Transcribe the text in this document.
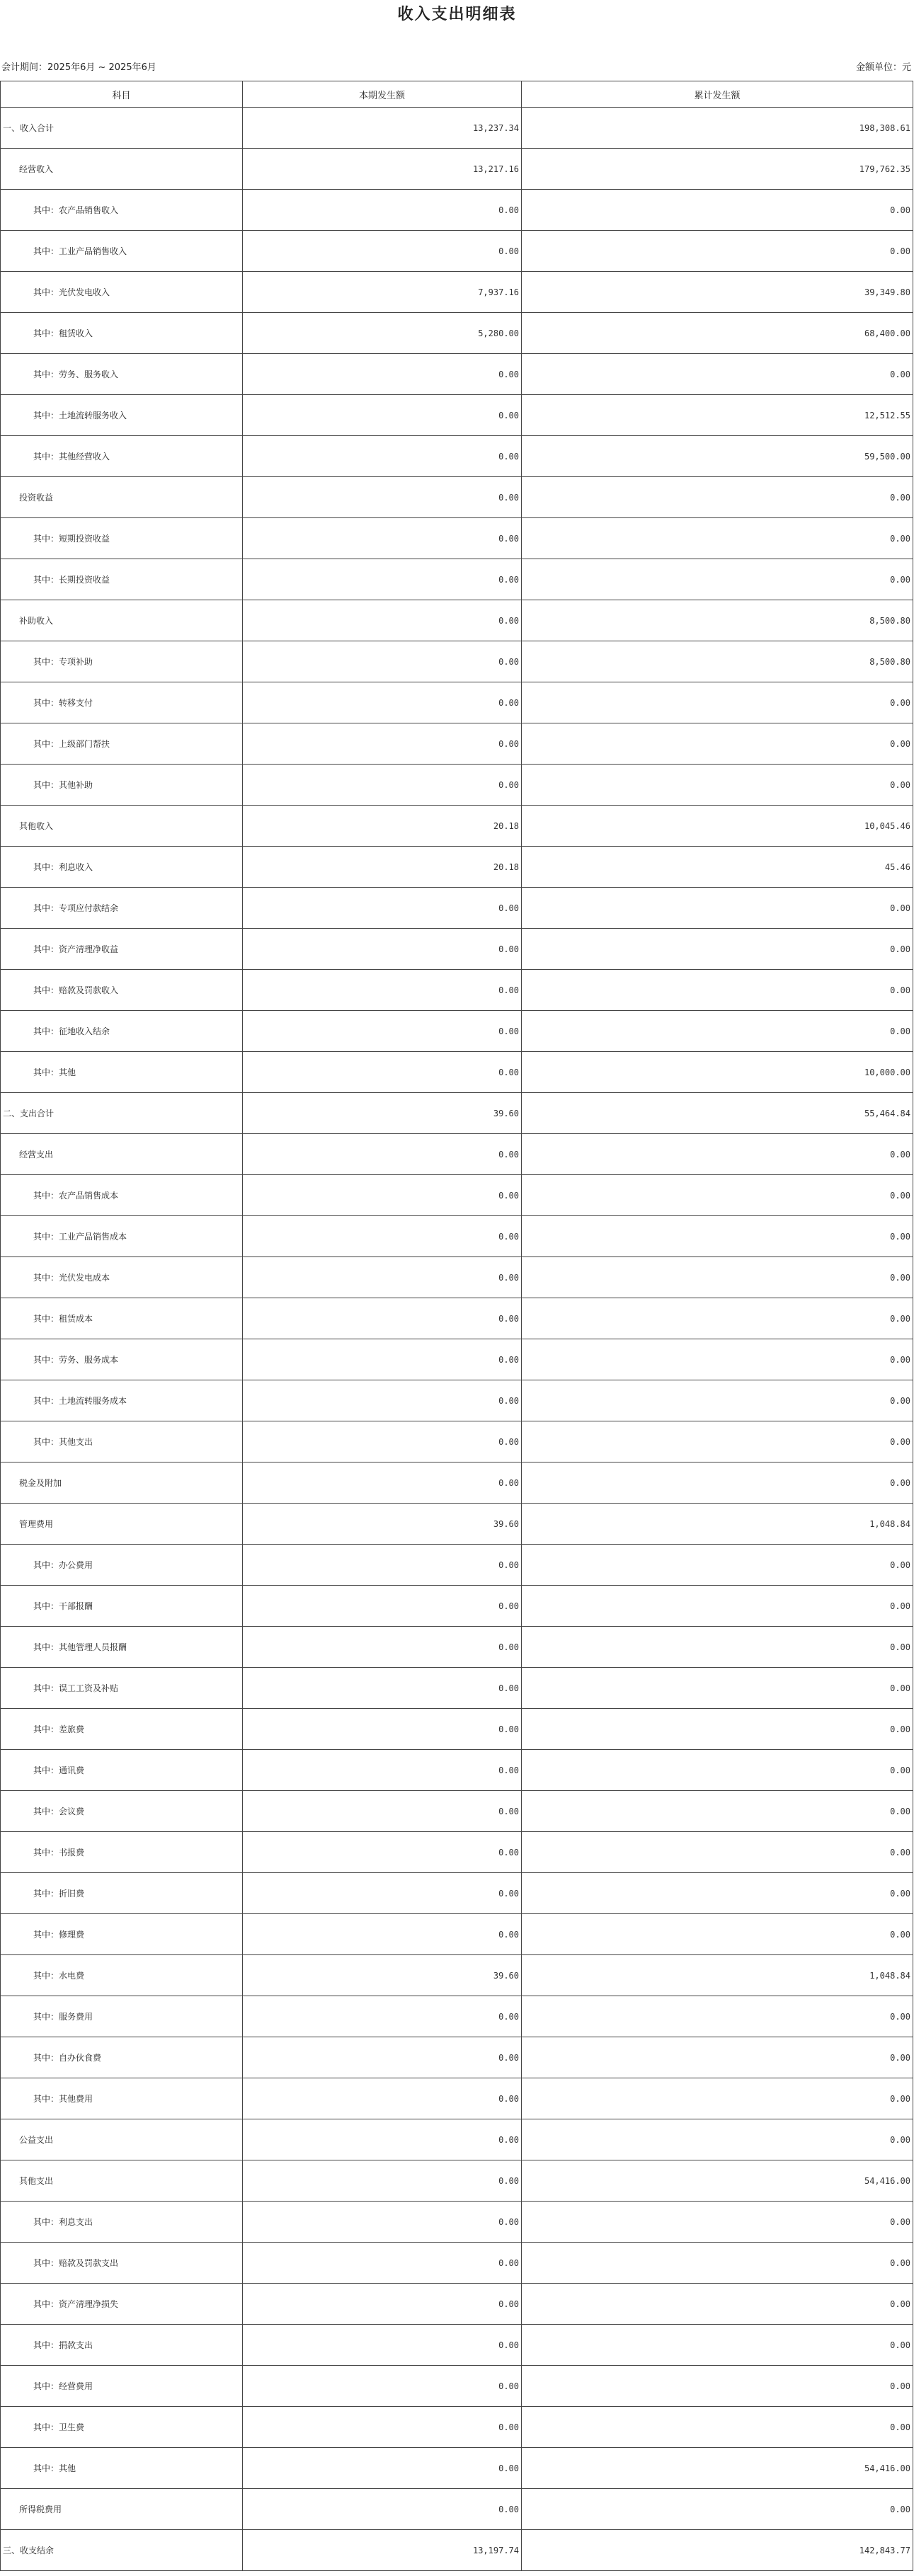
收入支出明细表
会计期间：2025年6月 ~ 2025年6月	金额单位：元
科目	本期发生额	累计发生额
一、收入合计	13,237.34	198,308.61
经营收入	13,217.16	179,762.35
其中：农产品销售收入	0.00	0.00
其中：工业产品销售收入	0.00	0.00
其中：光伏发电收入	7,937.16	39,349.80
其中：租赁收入	5,280.00	68,400.00
其中：劳务、服务收入	0.00	0.00
其中：土地流转服务收入	0.00	12,512.55
其中：其他经营收入	0.00	59,500.00
投资收益	0.00	0.00
其中：短期投资收益	0.00	0.00
其中：长期投资收益	0.00	0.00
补助收入	0.00	8,500.80
其中：专项补助	0.00	8,500.80
其中：转移支付	0.00	0.00
其中：上级部门帮扶	0.00	0.00
其中：其他补助	0.00	0.00
其他收入	20.18	10,045.46
其中：利息收入	20.18	45.46
其中：专项应付款结余	0.00	0.00
其中：资产清理净收益	0.00	0.00
其中：赔款及罚款收入	0.00	0.00
其中：征地收入结余	0.00	0.00
其中：其他	0.00	10,000.00
二、支出合计	39.60	55,464.84
经营支出	0.00	0.00
其中：农产品销售成本	0.00	0.00
其中：工业产品销售成本	0.00	0.00
其中：光伏发电成本	0.00	0.00
其中：租赁成本	0.00	0.00
其中：劳务、服务成本	0.00	0.00
其中：土地流转服务成本	0.00	0.00
其中：其他支出	0.00	0.00
税金及附加	0.00	0.00
管理费用	39.60	1,048.84
其中：办公费用	0.00	0.00
其中：干部报酬	0.00	0.00
其中：其他管理人员报酬	0.00	0.00
其中：误工工资及补贴	0.00	0.00
其中：差旅费	0.00	0.00
其中：通讯费	0.00	0.00
其中：会议费	0.00	0.00
其中：书报费	0.00	0.00
其中：折旧费	0.00	0.00
其中：修理费	0.00	0.00
其中：水电费	39.60	1,048.84
其中：服务费用	0.00	0.00
其中：自办伙食费	0.00	0.00
其中：其他费用	0.00	0.00
公益支出	0.00	0.00
其他支出	0.00	54,416.00
其中：利息支出	0.00	0.00
其中：赔款及罚款支出	0.00	0.00
其中：资产清理净损失	0.00	0.00
其中：捐款支出	0.00	0.00
其中：经营费用	0.00	0.00
其中：卫生费	0.00	0.00
其中：其他	0.00	54,416.00
所得税费用	0.00	0.00
三、收支结余	13,197.74	142,843.77
